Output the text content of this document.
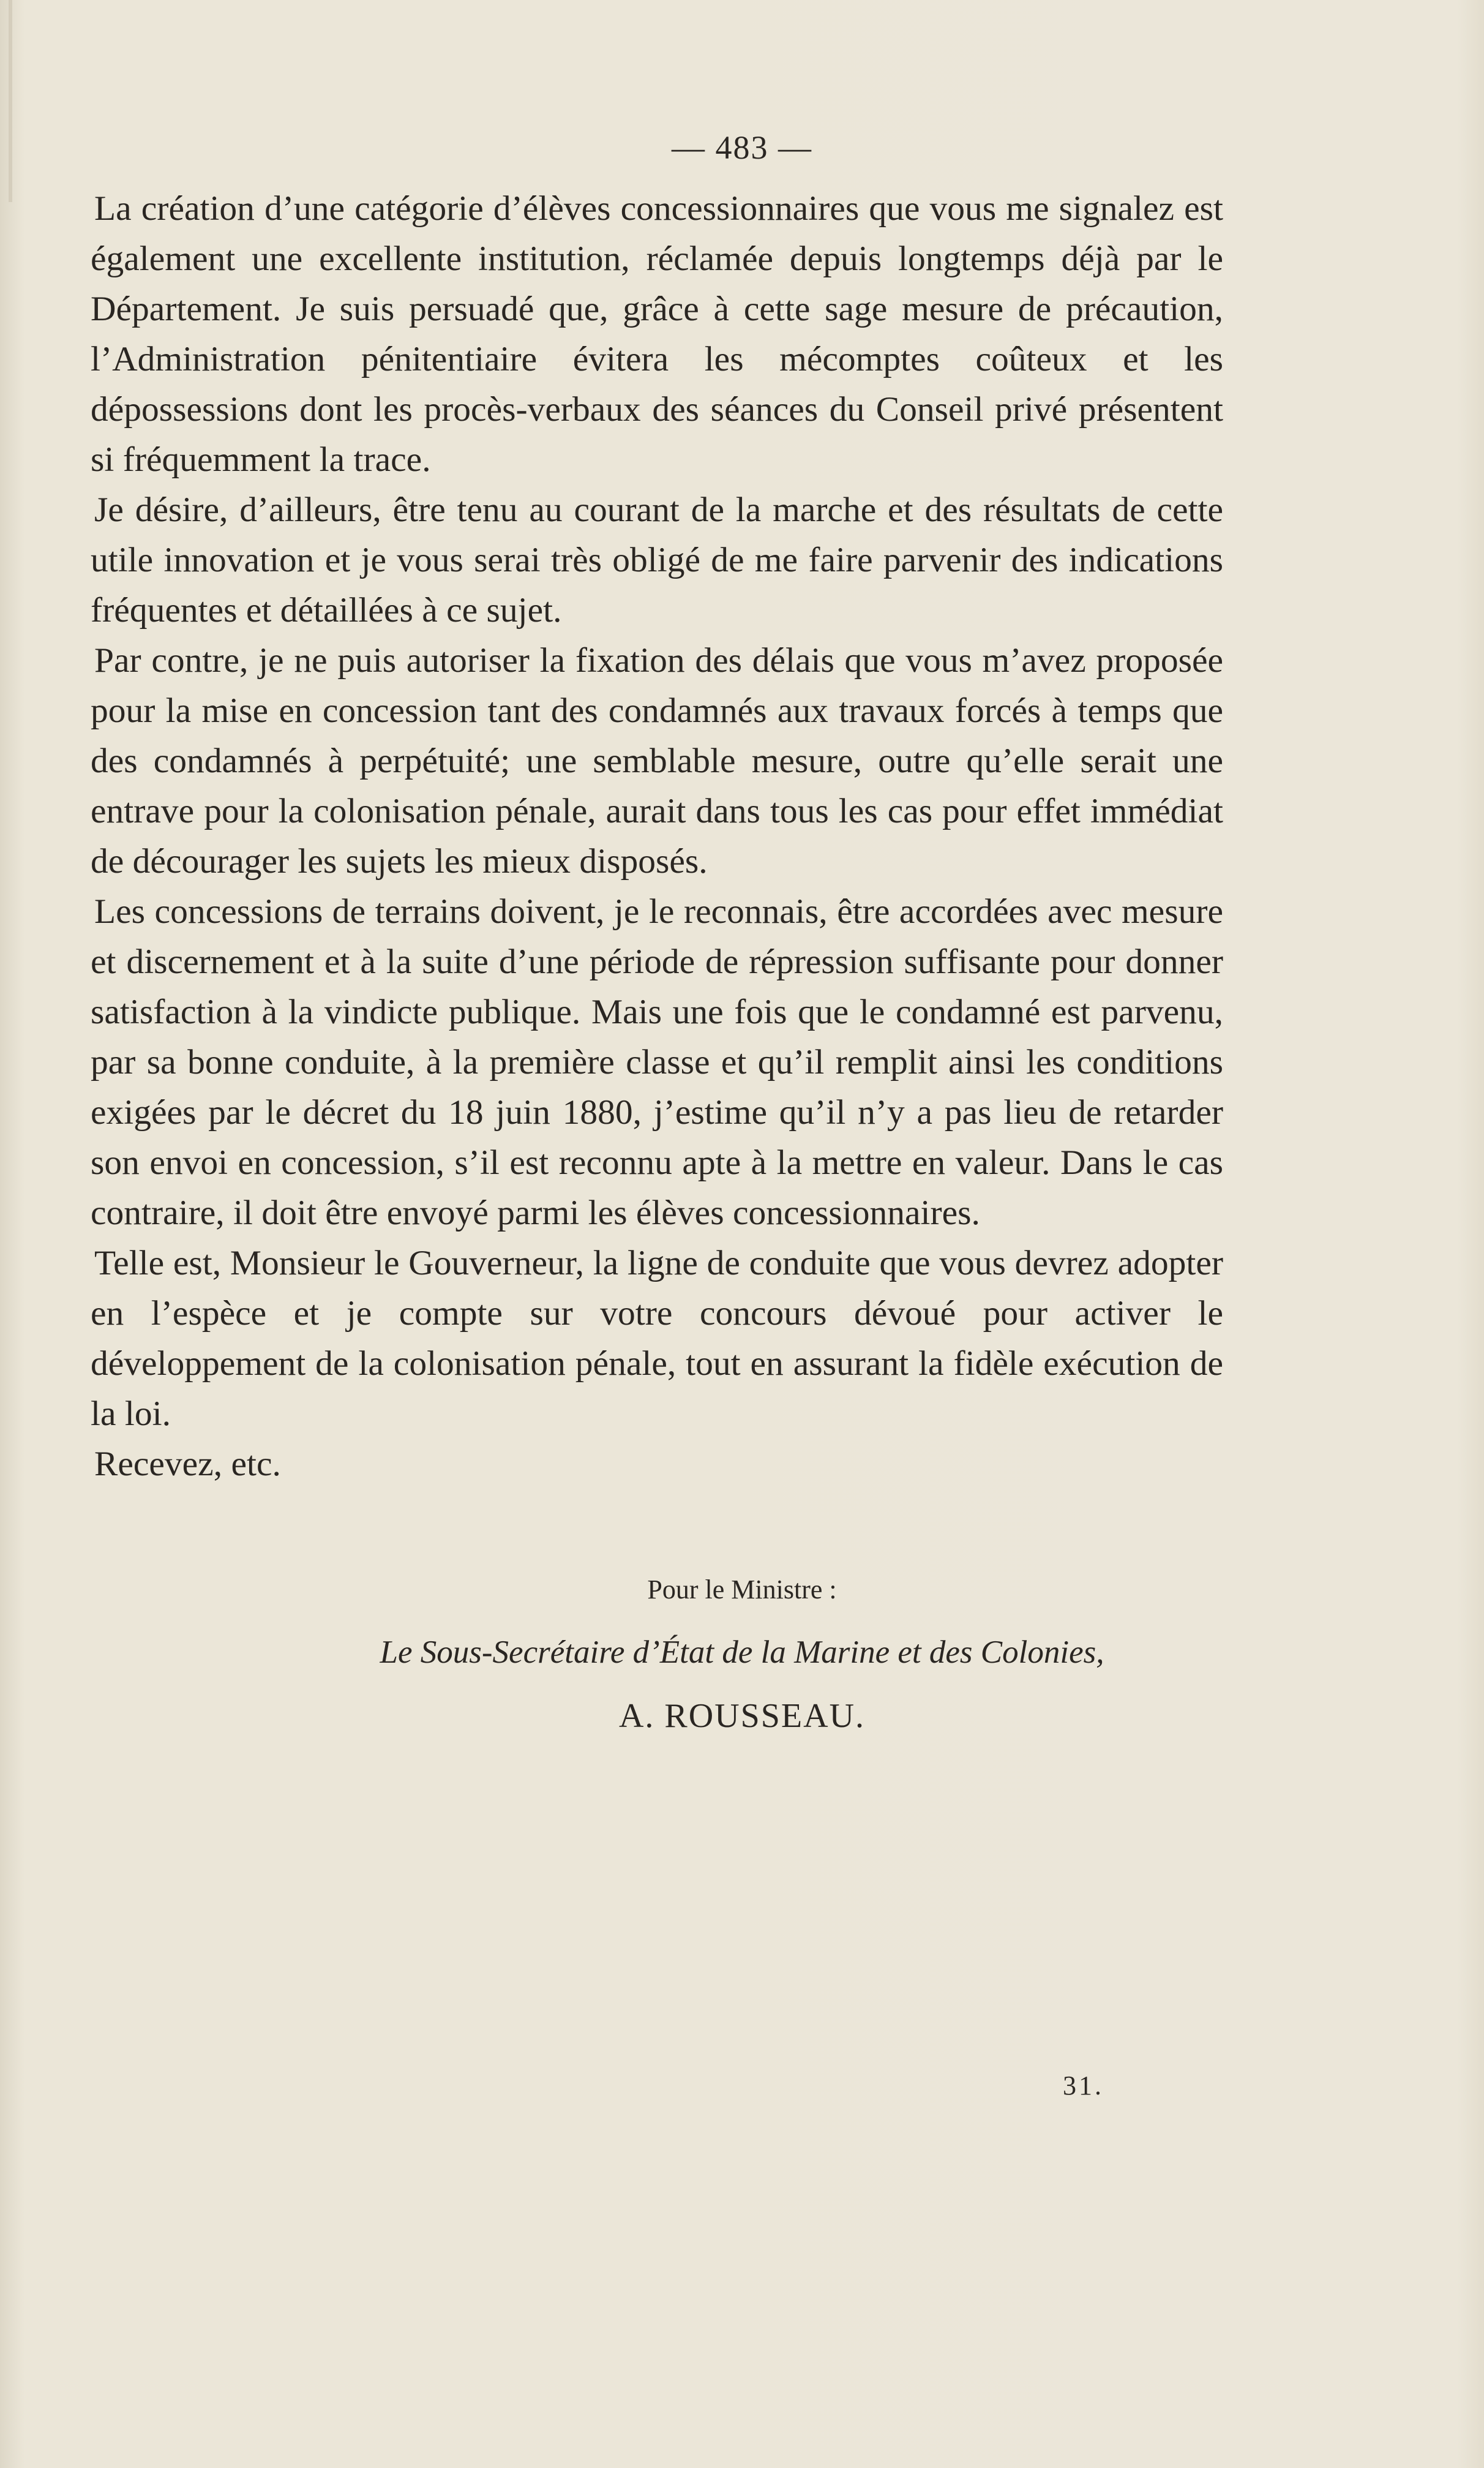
— 483 —

La création d’une catégorie d’élèves concessionnaires que vous me signalez est également une excellente institution, réclamée depuis longtemps déjà par le Département. Je suis persuadé que, grâce à cette sage mesure de précaution, l’Administration pénitentiaire évitera les mécomptes coûteux et les dépossessions dont les procès-verbaux des séances du Conseil privé présentent si fréquemment la trace.

Je désire, d’ailleurs, être tenu au courant de la marche et des résultats de cette utile innovation et je vous serai très obligé de me faire parvenir des indications fréquentes et détaillées à ce sujet.

Par contre, je ne puis autoriser la fixation des délais que vous m’avez proposée pour la mise en concession tant des condamnés aux travaux forcés à temps que des condamnés à perpétuité; une semblable mesure, outre qu’elle serait une entrave pour la colonisation pénale, aurait dans tous les cas pour effet immédiat de décourager les sujets les mieux disposés.

Les concessions de terrains doivent, je le reconnais, être accordées avec mesure et discernement et à la suite d’une période de répression suffisante pour donner satisfaction à la vindicte publique. Mais une fois que le condamné est parvenu, par sa bonne conduite, à la première classe et qu’il remplit ainsi les conditions exigées par le décret du 18 juin 1880, j’estime qu’il n’y a pas lieu de retarder son envoi en concession, s’il est reconnu apte à la mettre en valeur. Dans le cas contraire, il doit être envoyé parmi les élèves concessionnaires.

Telle est, Monsieur le Gouverneur, la ligne de conduite que vous devrez adopter en l’espèce et je compte sur votre concours dévoué pour activer le développement de la colonisation pénale, tout en assurant la fidèle exécution de la loi.

Recevez, etc.

Pour le Ministre :
Le Sous-Secrétaire d’État de la Marine et des Colonies,
A. ROUSSEAU.
31.
